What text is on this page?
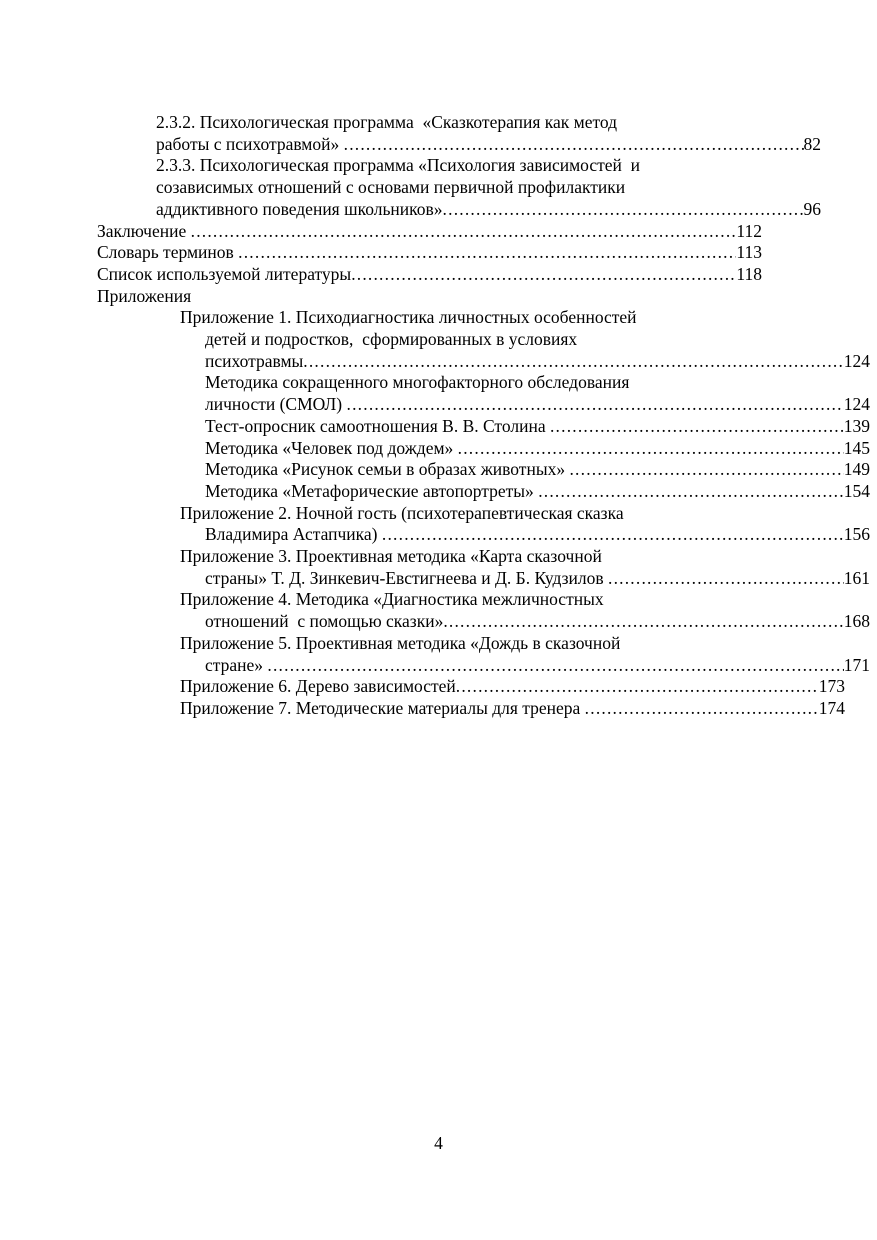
2.3.2. Психологическая программа  «Сказкотерапия как метод
работы с психотравмой» .....	82
2.3.3. Психологическая программа «Психология зависимостей  и
созависимых отношений с основами первичной профилактики
аддиктивного поведения школьников» .....	96
Заключение .....	112
Словарь терминов .....	113
Список используемой литературы .....	118
Приложения
Приложение 1. Психодиагностика личностных особенностей
детей и подростков,  сформированных в условиях
психотравмы .....	124
Методика сокращенного многофакторного обследования
личности (СМОЛ) .....	124
Тест-опросник самоотношения В. В. Столина .....	139
Методика «Человек под дождем» .....	145
Методика «Рисунок семьи в образах животных» .....	149
Методика «Метафорические автопортреты» .....	154
Приложение 2. Ночной гость (психотерапевтическая сказка
Владимира Астапчика) .....	156
Приложение 3. Проективная методика «Карта сказочной
страны» Т. Д. Зинкевич-Евстигнеева и Д. Б. Кудзилов .....	161
Приложение 4. Методика «Диагностика межличностных
отношений  с помощью сказки» .....	168
Приложение 5. Проективная методика «Дождь в сказочной
стране» .....	171
Приложение 6. Дерево зависимостей .....	173
Приложение 7. Методические материалы для тренера .....	174
4
